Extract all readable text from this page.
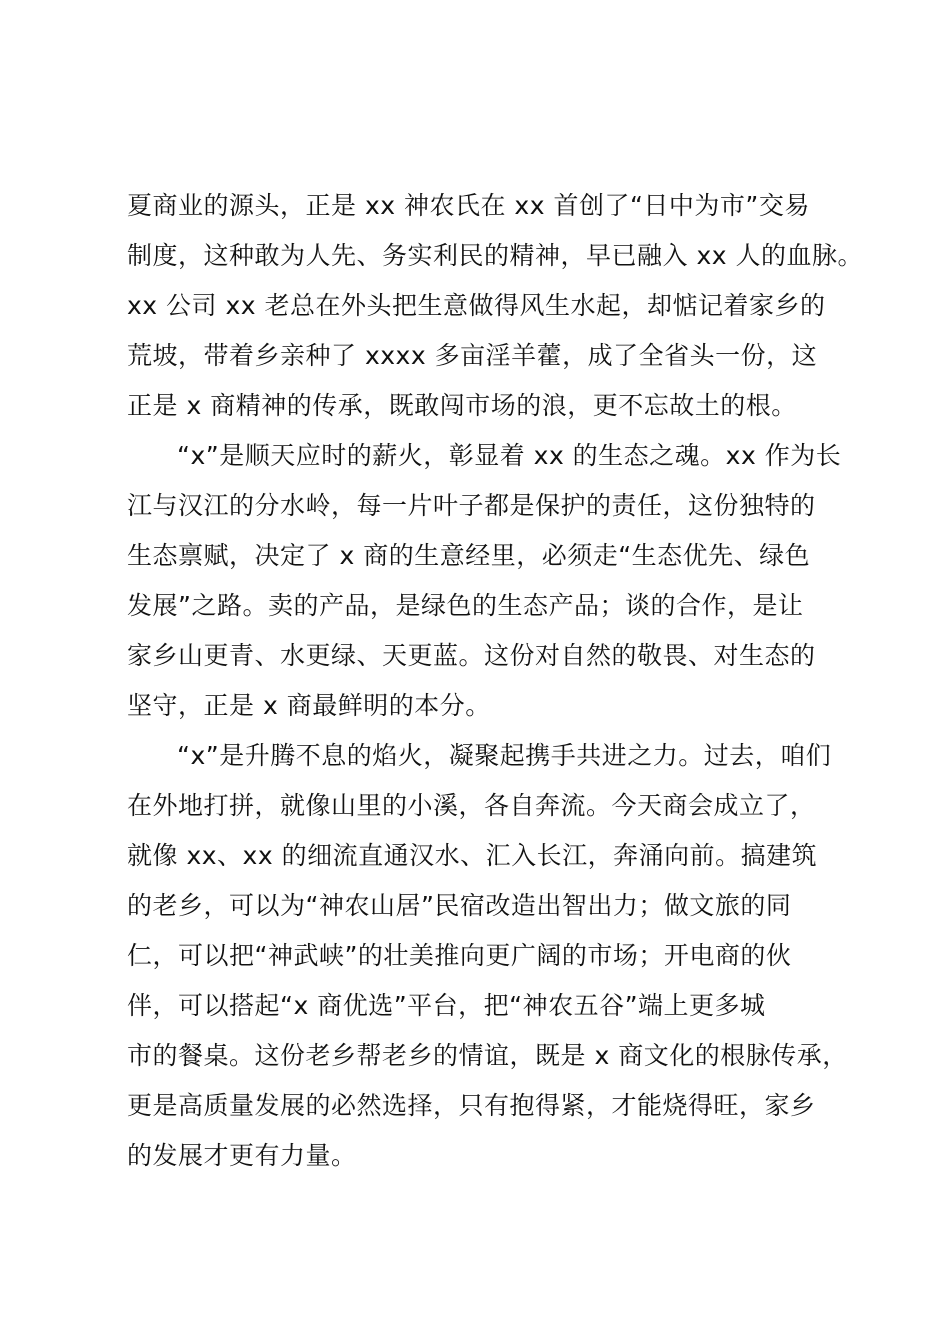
夏商业的源头，正是 xx 神农氏在 xx 首创了“日中为市”交易
制度，这种敢为人先、务实利民的精神，早已融入 xx 人的血脉。
xx 公司 xx 老总在外头把生意做得风生水起，却惦记着家乡的
荒坡，带着乡亲种了 xxxx 多亩淫羊藿，成了全省头一份，这
正是 x 商精神的传承，既敢闯市场的浪，更不忘故土的根。
“x”是顺天应时的薪火，彰显着 xx 的生态之魂。xx 作为长
江与汉江的分水岭，每一片叶子都是保护的责任，这份独特的
生态禀赋，决定了 x 商的生意经里，必须走“生态优先、绿色
发展”之路。卖的产品，是绿色的生态产品；谈的合作，是让
家乡山更青、水更绿、天更蓝。这份对自然的敬畏、对生态的
坚守，正是 x 商最鲜明的本分。
“x”是升腾不息的焰火，凝聚起携手共进之力。过去，咱们
在外地打拼，就像山里的小溪，各自奔流。今天商会成立了，
就像 xx、xx 的细流直通汉水、汇入长江，奔涌向前。搞建筑
的老乡，可以为“神农山居”民宿改造出智出力；做文旅的同
仁，可以把“神武峡”的壮美推向更广阔的市场；开电商的伙
伴，可以搭起“x 商优选”平台，把“神农五谷”端上更多城
市的餐桌。这份老乡帮老乡的情谊，既是 x 商文化的根脉传承，
更是高质量发展的必然选择，只有抱得紧，才能烧得旺，家乡
的发展才更有力量。
